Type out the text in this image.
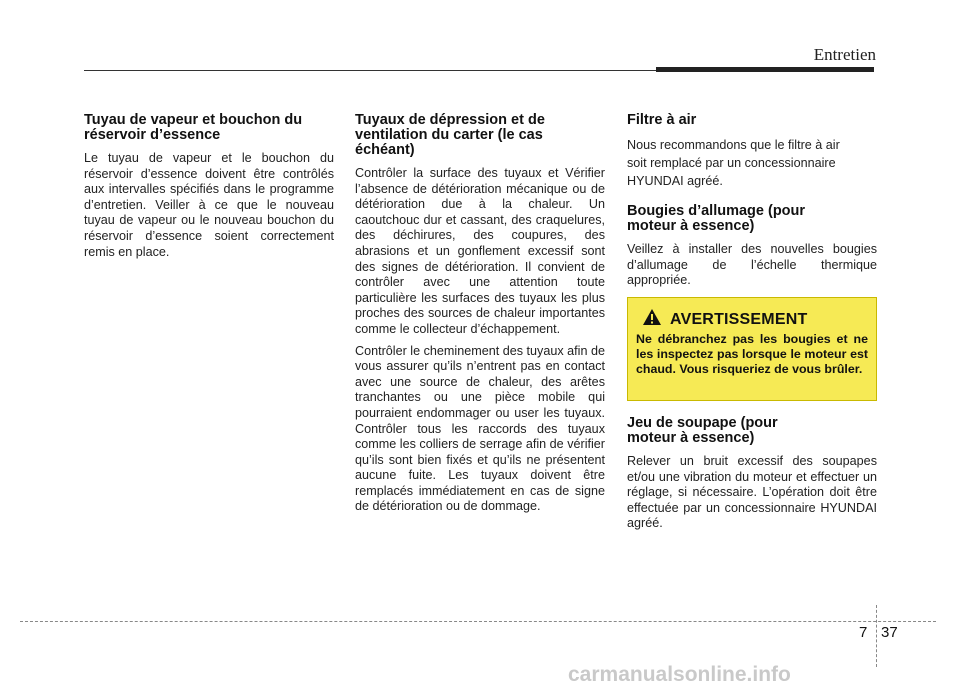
Entretien
Tuyau de vapeur et bouchon du réservoir d’essence

Le tuyau de vapeur et le bouchon du réservoir d’essence doivent être contrôlés aux intervalles spécifiés dans le programme d’entretien. Veiller à ce que le nouveau tuyau de vapeur ou le nouveau bouchon du réservoir d’essence soient correctement remis en place.

Tuyaux de dépression et de ventilation du carter (le cas échéant)

Contrôler la surface des tuyaux et Vérifier l’absence de détérioration mécanique ou de détérioration due à la chaleur. Un caoutchouc dur et cassant, des craquelures, des déchirures, des coupures, des abrasions et un gonflement excessif sont des signes de détérioration. Il convient de contrôler avec une attention toute particulière les surfaces des tuyaux les plus proches des sources de chaleur importantes comme le collecteur d’échappement.

Contrôler le cheminement des tuyaux afin de vous assurer qu’ils n’entrent pas en contact avec une source de chaleur, des arêtes tranchantes ou une pièce mobile qui pourraient endommager ou user les tuyaux. Contrôler tous les raccords des tuyaux comme les colliers de serrage afin de vérifier qu’ils sont bien fixés et qu’ils ne présentent aucune fuite. Les tuyaux doivent être remplacés immédiatement en cas de signe de détérioration ou de dommage.

Filtre à air

Nous recommandons que le filtre à air soit remplacé par un concessionnaire HYUNDAI agréé.

Bougies d’allumage (pour moteur à essence)

Veillez à installer des nouvelles bougies d’allumage de l’échelle thermique appropriée.

AVERTISSEMENT
Ne débranchez pas les bougies et ne les inspectez pas lorsque le moteur est chaud. Vous risqueriez de vous brûler.
Jeu de soupape (pour moteur à essence)

Relever un bruit excessif des soupapes et/ou une vibration du moteur et effectuer un réglage, si nécessaire. L’opération doit être effectuée par un concessionnaire HYUNDAI agréé.

7 37
carmanualsonline.info
